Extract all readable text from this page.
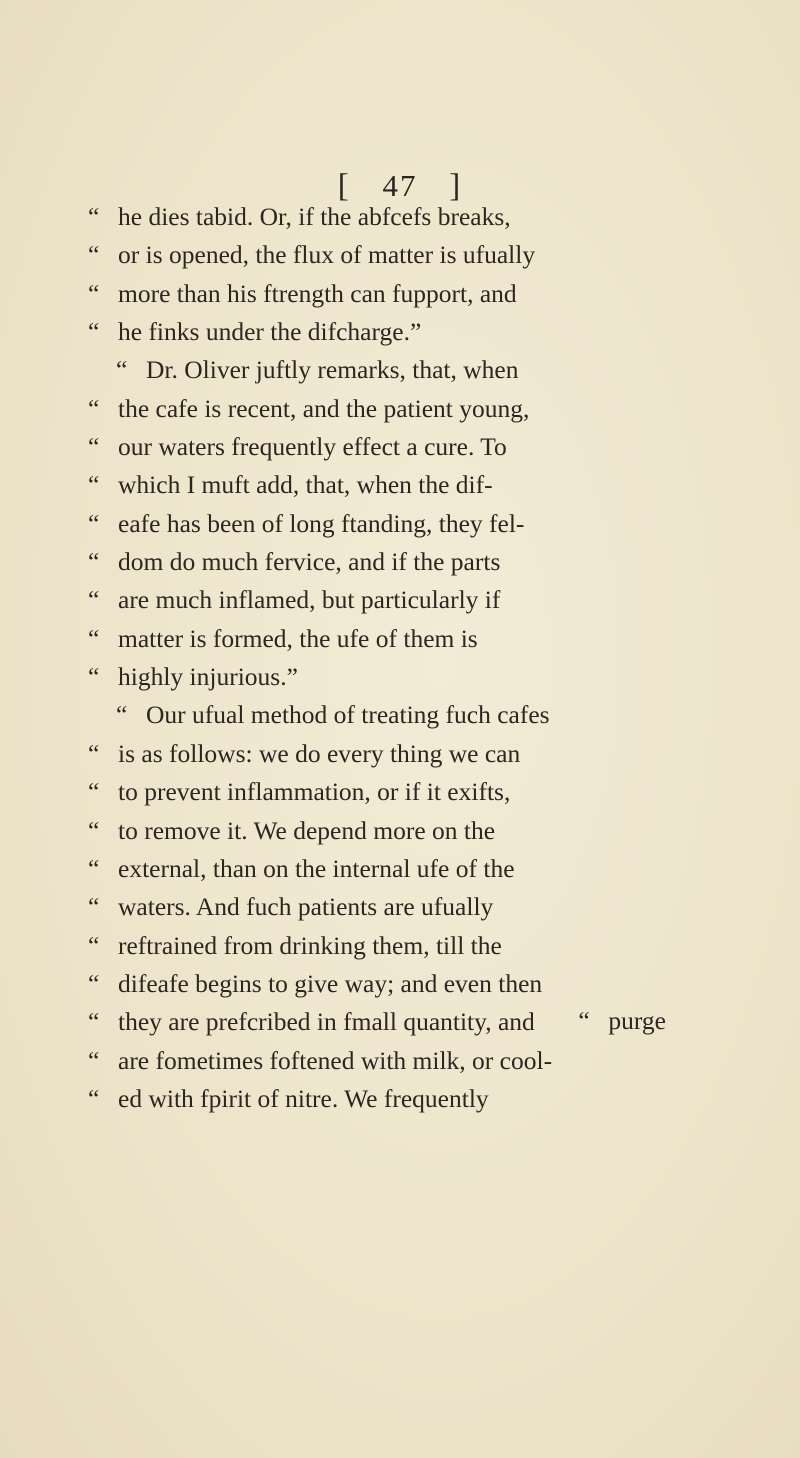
[ 47 ]
“ he dies tabid. Or, if the abfcefs breaks,
“ or is opened, the flux of matter is ufually
“ more than his ftrength can fupport, and
“ he finks under the difcharge.”
“ Dr. Oliver juftly remarks, that, when
“ the cafe is recent, and the patient young,
“ our waters frequently effect a cure. To
“ which I muft add, that, when the dif-
“ eafe has been of long ftanding, they fel-
“ dom do much fervice, and if the parts
“ are much inflamed, but particularly if
“ matter is formed, the ufe of them is
“ highly injurious.”
“ Our ufual method of treating fuch cafes
“ is as follows: we do every thing we can
“ to prevent inflammation, or if it exifts,
“ to remove it. We depend more on the
“ external, than on the internal ufe of the
“ waters. And fuch patients are ufually
“ reftrained from drinking them, till the
“ difeafe begins to give way; and even then
“ they are prefcribed in fmall quantity, and
“ are fometimes foftened with milk, or cool-
“ ed with fpirit of nitre. We frequently
“ purge
